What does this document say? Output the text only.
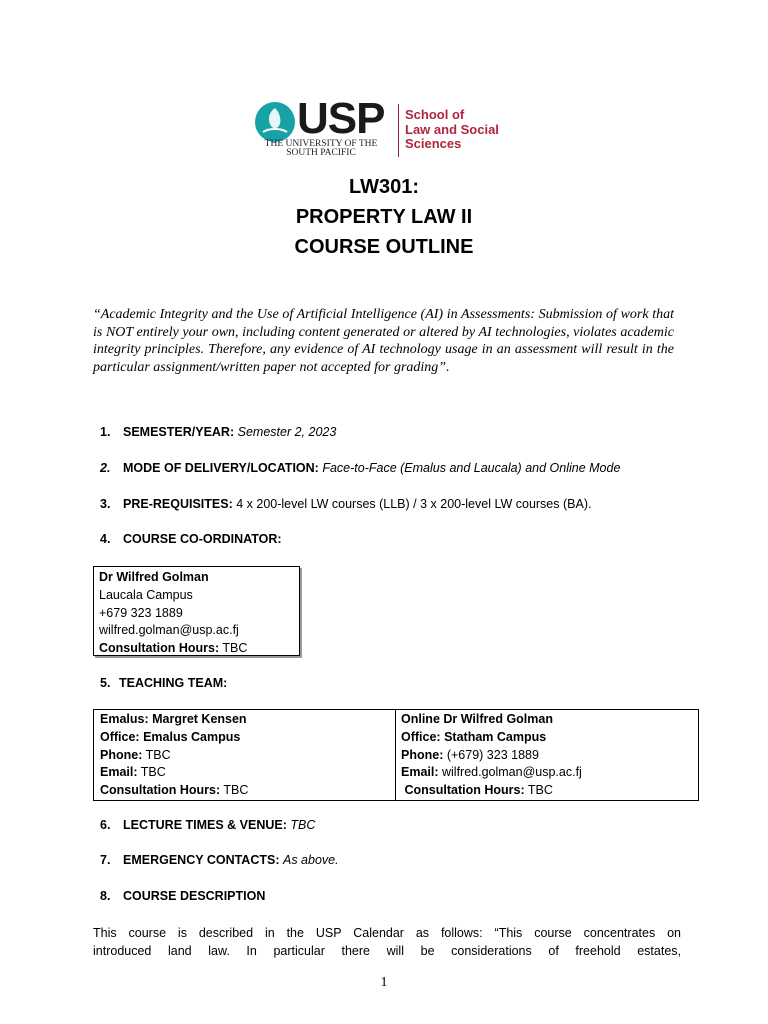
USP
THE UNIVERSITY OF THE
SOUTH PACIFIC
School of
Law and Social
Sciences
LW301:
PROPERTY LAW II
COURSE OUTLINE
“Academic Integrity and the Use of Artificial Intelligence (AI) in Assessments: Submission of work that is NOT entirely your own, including content generated or altered by AI technologies, violates academic integrity principles. Therefore, any evidence of AI technology usage in an assessment will result in the particular assignment/written paper not accepted for grading”.
1. SEMESTER/YEAR: Semester 2, 2023
2. MODE OF DELIVERY/LOCATION: Face-to-Face (Emalus and Laucala) and Online Mode
3. PRE-REQUISITES: 4 x 200-level LW courses (LLB) / 3 x 200-level LW courses (BA).
4. COURSE CO-ORDINATOR:
Dr Wilfred Golman
Laucala Campus
+679 323 1889
wilfred.golman@usp.ac.fj
Consultation Hours: TBC
5. TEACHING TEAM:
Emalus: Margret Kensen
Office: Emalus Campus
Phone: TBC
Email: TBC
Consultation Hours: TBC
Online Dr Wilfred Golman
Office: Statham Campus
Phone: (+679) 323 1889
Email: wilfred.golman@usp.ac.fj
Consultation Hours: TBC
6. LECTURE TIMES & VENUE: TBC
7. EMERGENCY CONTACTS: As above.
8. COURSE DESCRIPTION
This course is described in the USP Calendar as follows: “This course concentrates on
introduced land law. In particular there will be considerations of freehold estates,
1
